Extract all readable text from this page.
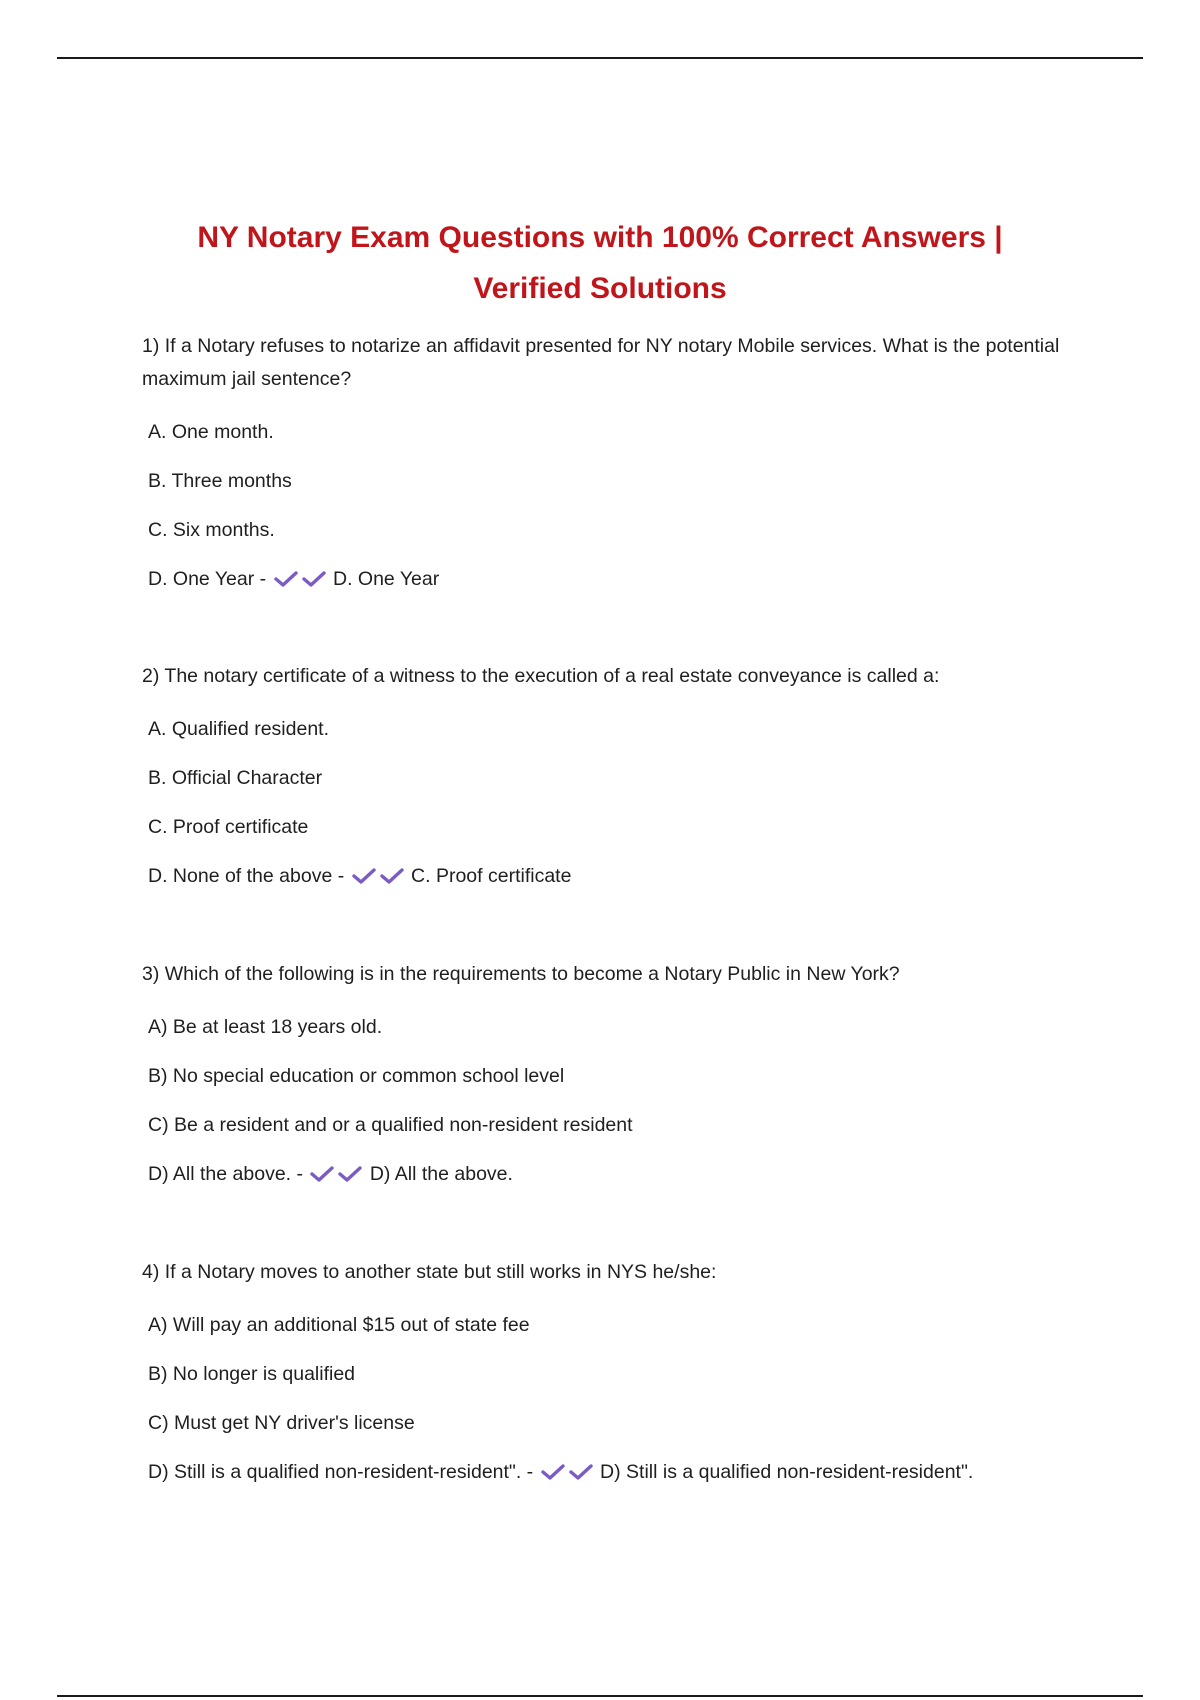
NY Notary Exam Questions with 100% Correct Answers |
Verified Solutions

1) If a Notary refuses to notarize an affidavit presented for NY notary Mobile services. What is the potential maximum jail sentence?

A. One month.
B. Three months
C. Six months.
D. One Year -	D. One Year

2) The notary certificate of a witness to the execution of a real estate conveyance is called a:

A. Qualified resident.
B. Official Character
C. Proof certificate
D. None of the above -	C. Proof certificate

3) Which of the following is in the requirements to become a Notary Public in New York?

A) Be at least 18 years old.
B) No special education or common school level
C) Be a resident and or a qualified non-resident resident
D) All the above. -	D) All the above.

4) If a Notary moves to another state but still works in NYS he/she:

A) Will pay an additional $15 out of state fee
B) No longer is qualified
C) Must get NY driver's license
D) Still is a qualified non-resident-resident". -	D) Still is a qualified non-resident-resident".
